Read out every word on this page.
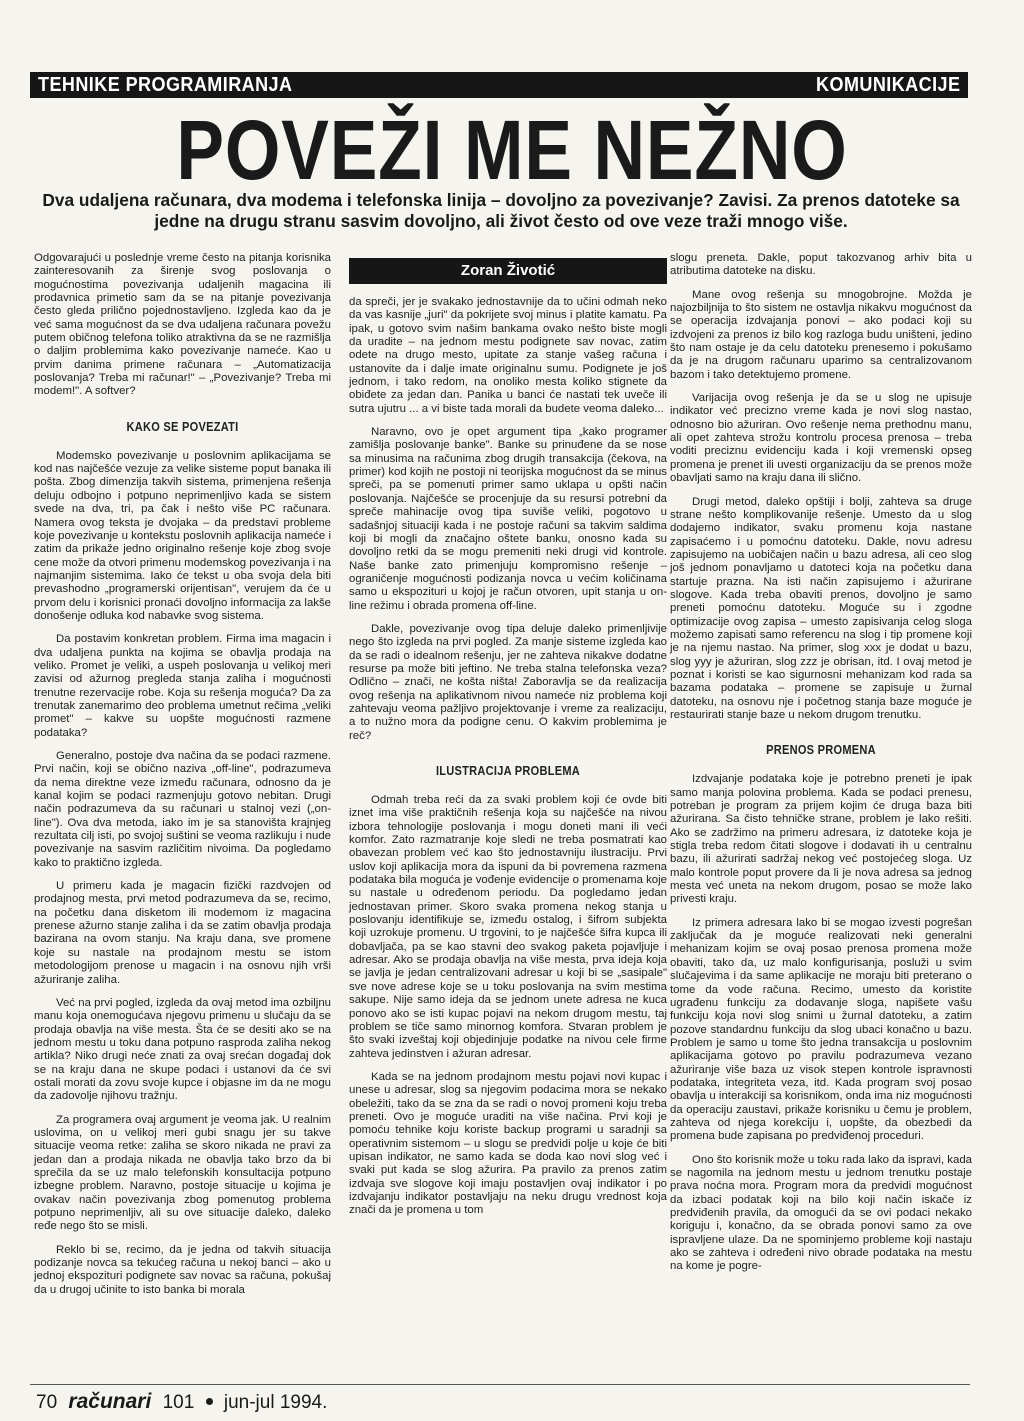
TEHNIKE PROGRAMIRANJA	KOMUNIKACIJE
POVEŽI ME NEŽNO
Dva udaljena računara, dva modema i telefonska linija – dovoljno za povezivanje? Zavisi. Za prenos datoteke sa jedne na drugu stranu sasvim dovoljno, ali život često od ove veze traži mnogo više.

Odgovarajući u poslednje vreme često na pitanja korisnika zainteresovanih za širenje svog poslovanja o mogućnostima povezivanja udaljenih magacina ili prodavnica primetio sam da se na pitanje povezivanja često gleda prilično pojednostavljeno. Izgleda kao da je već sama mogućnost da se dva udaljena računara povežu putem običnog telefona toliko atraktivna da se ne razmišlja o daljim problemima kako povezivanje nameće. Kao u prvim danima primene računara – „Automatizacija poslovanja? Treba mi računar!" – „Povezivanje? Treba mi modem!". A softver?

KAKO SE POVEZATI

Modemsko povezivanje u poslovnim aplikacijama se kod nas najčešće vezuje za velike sisteme poput banaka ili pošta. Zbog dimenzija takvih sistema, primenjena rešenja deluju odbojno i potpuno neprimenljivo kada se sistem svede na dva, tri, pa čak i nešto više PC računara. Namera ovog teksta je dvojaka – da predstavi probleme koje povezivanje u kontekstu poslovnih aplikacija nameće i zatim da prikaže jedno originalno rešenje koje zbog svoje cene može da otvori primenu modemskog povezivanja i na najmanjim sistemima. Iako će tekst u oba svoja dela biti prevashodno „programerski orijentisan", verujem da će u prvom delu i korisnici pronaći dovoljno informacija za lakše donošenje odluka kod nabavke svog sistema.

Da postavim konkretan problem. Firma ima magacin i dva udaljena punkta na kojima se obavlja prodaja na veliko. Promet je veliki, a uspeh poslovanja u velikoj meri zavisi od ažurnog pregleda stanja zaliha i mogućnosti trenutne rezervacije robe. Koja su rešenja moguća? Da za trenutak zanemarimo deo problema umetnut rečima „veliki promet" – kakve su uopšte mogućnosti razmene podataka?

Generalno, postoje dva načina da se podaci razmene. Prvi način, koji se obično naziva „off-line", podrazumeva da nema direktne veze između računara, odnosno da je kanal kojim se podaci razmenjuju gotovo nebitan. Drugi način podrazumeva da su računari u stalnoj vezi („on-line"). Ova dva metoda, iako im je sa stanovišta krajnjeg rezultata cilj isti, po svojoj suštini se veoma razlikuju i nude povezivanje na sasvim različitim nivoima. Da pogledamo kako to praktično izgleda.

U primeru kada je magacin fizički razdvojen od prodajnog mesta, prvi metod podrazumeva da se, recimo, na početku dana disketom ili modemom iz magacina prenese ažurno stanje zaliha i da se zatim obavlja prodaja bazirana na ovom stanju. Na kraju dana, sve promene koje su nastale na prodajnom mestu se istom metodologijom prenose u magacin i na osnovu njih vrši ažuriranje zaliha.

Već na prvi pogled, izgleda da ovaj metod ima ozbiljnu manu koja onemogućava njegovu primenu u slučaju da se prodaja obavlja na više mesta. Šta će se desiti ako se na jednom mestu u toku dana potpuno rasproda zaliha nekog artikla? Niko drugi neće znati za ovaj srećan događaj dok se na kraju dana ne skupe podaci i ustanovi da će svi ostali morati da zovu svoje kupce i objasne im da ne mogu da zadovolje njihovu tražnju.

Za programera ovaj argument je veoma jak. U realnim uslovima, on u velikoj meri gubi snagu jer su takve situacije veoma retke: zaliha se skoro nikada ne pravi za jedan dan a prodaja nikada ne obavlja tako brzo da bi sprečila da se uz malo telefonskih konsultacija potpuno izbegne problem. Naravno, postoje situacije u kojima je ovakav način povezivanja zbog pomenutog problema potpuno neprimenljiv, ali su ove situacije daleko, daleko ređe nego što se misli.

Reklo bi se, recimo, da je jedna od takvih situacija podizanje novca sa tekućeg računa u nekoj banci – ako u jednoj ekspozituri podignete sav novac sa računa, pokušaj da u drugoj učinite to isto banka bi morala

Zoran Životić

da spreči, jer je svakako jednostavnije da to učini odmah neko da vas kasnije „juri" da pokrijete svoj minus i platite kamatu. Pa ipak, u gotovo svim našim bankama ovako nešto biste mogli da uradite – na jednom mestu podignete sav novac, zatim odete na drugo mesto, upitate za stanje vašeg računa i ustanovite da i dalje imate originalnu sumu. Podignete je još jednom, i tako redom, na onoliko mesta koliko stignete da obiđete za jedan dan. Panika u banci će nastati tek uveče ili sutra ujutru ... a vi biste tada morali da budete veoma daleko...

Naravno, ovo je opet argument tipa „kako programer zamišlja poslovanje banke". Banke su prinuđene da se nose sa minusima na računima zbog drugih transakcija (čekova, na primer) kod kojih ne postoji ni teorijska mogućnost da se minus spreči, pa se pomenuti primer samo uklapa u opšti način poslovanja. Najčešće se procenjuje da su resursi potrebni da spreče mahinacije ovog tipa suviše veliki, pogotovo u sadašnjoj situaciji kada i ne postoje računi sa takvim saldima koji bi mogli da značajno oštete banku, onosno kada su dovoljno retki da se mogu premeniti neki drugi vid kontrole. Naše banke zato primenjuju kompromisno rešenje – ograničenje mogućnosti podizanja novca u većim količinama samo u ekspozituri u kojoj je račun otvoren, upit stanja u on-line režimu i obrada promena off-line.

Dakle, povezivanje ovog tipa deluje daleko primenljivije nego što izgleda na prvi pogled. Za manje sisteme izgleda kao da se radi o idealnom rešenju, jer ne zahteva nikakve dodatne resurse pa može biti jeftino. Ne treba stalna telefonska veza? Odlično – znači, ne košta ništa! Zaboravlja se da realizacija ovog rešenja na aplikativnom nivou nameće niz problema koji zahtevaju veoma pažljivo projektovanje i vreme za realizaciju, a to nužno mora da podigne cenu. O kakvim problemima je reč?

ILUSTRACIJA PROBLEMA

Odmah treba reći da za svaki problem koji će ovde biti iznet ima više praktičnih rešenja koja su najčešće na nivou izbora tehnologije poslovanja i mogu doneti mani ili veći komfor. Zato razmatranje koje sledi ne treba posmatrati kao obavezan problem već kao što jednostavniju ilustraciju. Prvi uslov koji aplikacija mora da ispuni da bi povremena razmena podataka bila moguća je vođenje evidencije o promenama koje su nastale u određenom periodu. Da pogledamo jedan jednostavan primer. Skoro svaka promena nekog stanja u poslovanju identifikuje se, između ostalog, i šifrom subjekta koji uzrokuje promenu. U trgovini, to je najčešće šifra kupca ili dobavljača, pa se kao stavni deo svakog paketa pojavljuje i adresar. Ako se prodaja obavlja na više mesta, prva ideja koja se javlja je jedan centralizovani adresar u koji bi se „sasipale" sve nove adrese koje se u toku poslovanja na svim mestima sakupe. Nije samo ideja da se jednom unete adresa ne kuca ponovo ako se isti kupac pojavi na nekom drugom mestu, taj problem se tiče samo minornog komfora. Stvaran problem je što svaki izveštaj koji objedinjuje podatke na nivou cele firme zahteva jedinstven i ažuran adresar.

Kada se na jednom prodajnom mestu pojavi novi kupac i unese u adresar, slog sa njegovim podacima mora se nekako obeležiti, tako da se zna da se radi o novoj promeni koju treba preneti. Ovo je moguće uraditi na više načina. Prvi koji je pomoću tehnike koju koriste backup programi u saradnji sa operativnim sistemom – u slogu se predvidi polje u koje će biti upisan indikator, ne samo kada se doda kao novi slog već i svaki put kada se slog ažurira. Pa pravilo za prenos zatim izdvaja sve slogove koji imaju postavljen ovaj indikator i po izdvajanju indikator postavljaju na neku drugu vrednost koja znači da je promena u tom

slogu preneta. Dakle, poput takozvanog arhiv bita u atributima datoteke na disku.

Mane ovog rešenja su mnogobrojne. Možda je najozbiljnija to što sistem ne ostavlja nikakvu mogućnost da se operacija izdvajanja ponovi – ako podaci koji su izdvojeni za prenos iz bilo kog razloga budu uništeni, jedino što nam ostaje je da celu datoteku prenesemo i pokušamo da je na drugom računaru uparimo sa centralizovanom bazom i tako detektujemo promene.

Varijacija ovog rešenja je da se u slog ne upisuje indikator već precizno vreme kada je novi slog nastao, odnosno bio ažuriran. Ovo rešenje nema prethodnu manu, ali opet zahteva strožu kontrolu procesa prenosa – treba voditi preciznu evidenciju kada i koji vremenski opseg promena je prenet ili uvesti organizaciju da se prenos može obavljati samo na kraju dana ili slično.

Drugi metod, daleko opštiji i bolji, zahteva sa druge strane nešto komplikovanije rešenje. Umesto da u slog dodajemo indikator, svaku promenu koja nastane zapisaćemo i u pomoćnu datoteku. Dakle, novu adresu zapisujemo na uobičajen način u bazu adresa, ali ceo slog još jednom ponavljamo u datoteci koja na početku dana startuje prazna. Na isti način zapisujemo i ažurirane slogove. Kada treba obaviti prenos, dovoljno je samo preneti pomoćnu datoteku. Moguće su i zgodne optimizacije ovog zapisa – umesto zapisivanja celog sloga možemo zapisati samo referencu na slog i tip promene koji je na njemu nastao. Na primer, slog xxx je dodat u bazu, slog yyy je ažuriran, slog zzz je obrisan, itd. I ovaj metod je poznat i koristi se kao sigurnosni mehanizam kod rada sa bazama podataka – promene se zapisuje u žurnal datoteku, na osnovu nje i početnog stanja baze moguće je restaurirati stanje baze u nekom drugom trenutku.

PRENOS PROMENA

Izdvajanje podataka koje je potrebno preneti je ipak samo manja polovina problema. Kada se podaci prenesu, potreban je program za prijem kojim će druga baza biti ažurirana. Sa čisto tehničke strane, problem je lako rešiti. Ako se zadržimo na primeru adresara, iz datoteke koja je stigla treba redom čitati slogove i dodavati ih u centralnu bazu, ili ažurirati sadržaj nekog već postojećeg sloga. Uz malo kontrole poput provere da li je nova adresa sa jednog mesta već uneta na nekom drugom, posao se može lako privesti kraju.

Iz primera adresara lako bi se mogao izvesti pogrešan zaključak da je moguće realizovati neki generalni mehanizam kojim se ovaj posao prenosa promena može obaviti, tako da, uz malo konfigurisanja, posluži u svim slučajevima i da same aplikacije ne moraju biti preterano o tome da vode računa. Recimo, umesto da koristite ugrađenu funkciju za dodavanje sloga, napišete vašu funkciju koja novi slog snimi u žurnal datoteku, a zatim pozove standardnu funkciju da slog ubaci konačno u bazu. Problem je samo u tome što jedna transakcija u poslovnim aplikacijama gotovo po pravilu podrazumeva vezano ažuriranje više baza uz visok stepen kontrole ispravnosti podataka, integriteta veza, itd. Kada program svoj posao obavlja u interakciji sa korisnikom, onda ima niz mogućnosti da operaciju zaustavi, prikaže korisniku u čemu je problem, zahteva od njega korekciju i, uopšte, da obezbedi da promena bude zapisana po predviđenoj proceduri.

Ono što korisnik može u toku rada lako da ispravi, kada se nagomila na jednom mestu u jednom trenutku postaje prava noćna mora. Program mora da predvidi mogućnost da izbaci podatak koji na bilo koji način iskače iz predviđenih pravila, da omogući da se ovi podaci nekako koriguju i, konačno, da se obrada ponovi samo za ove ispravljene ulaze. Da ne spominjemo probleme koji nastaju ako se zahteva i određeni nivo obrade podataka na mestu na kome je pogre-

70 računari 101 jun-jul 1994.
